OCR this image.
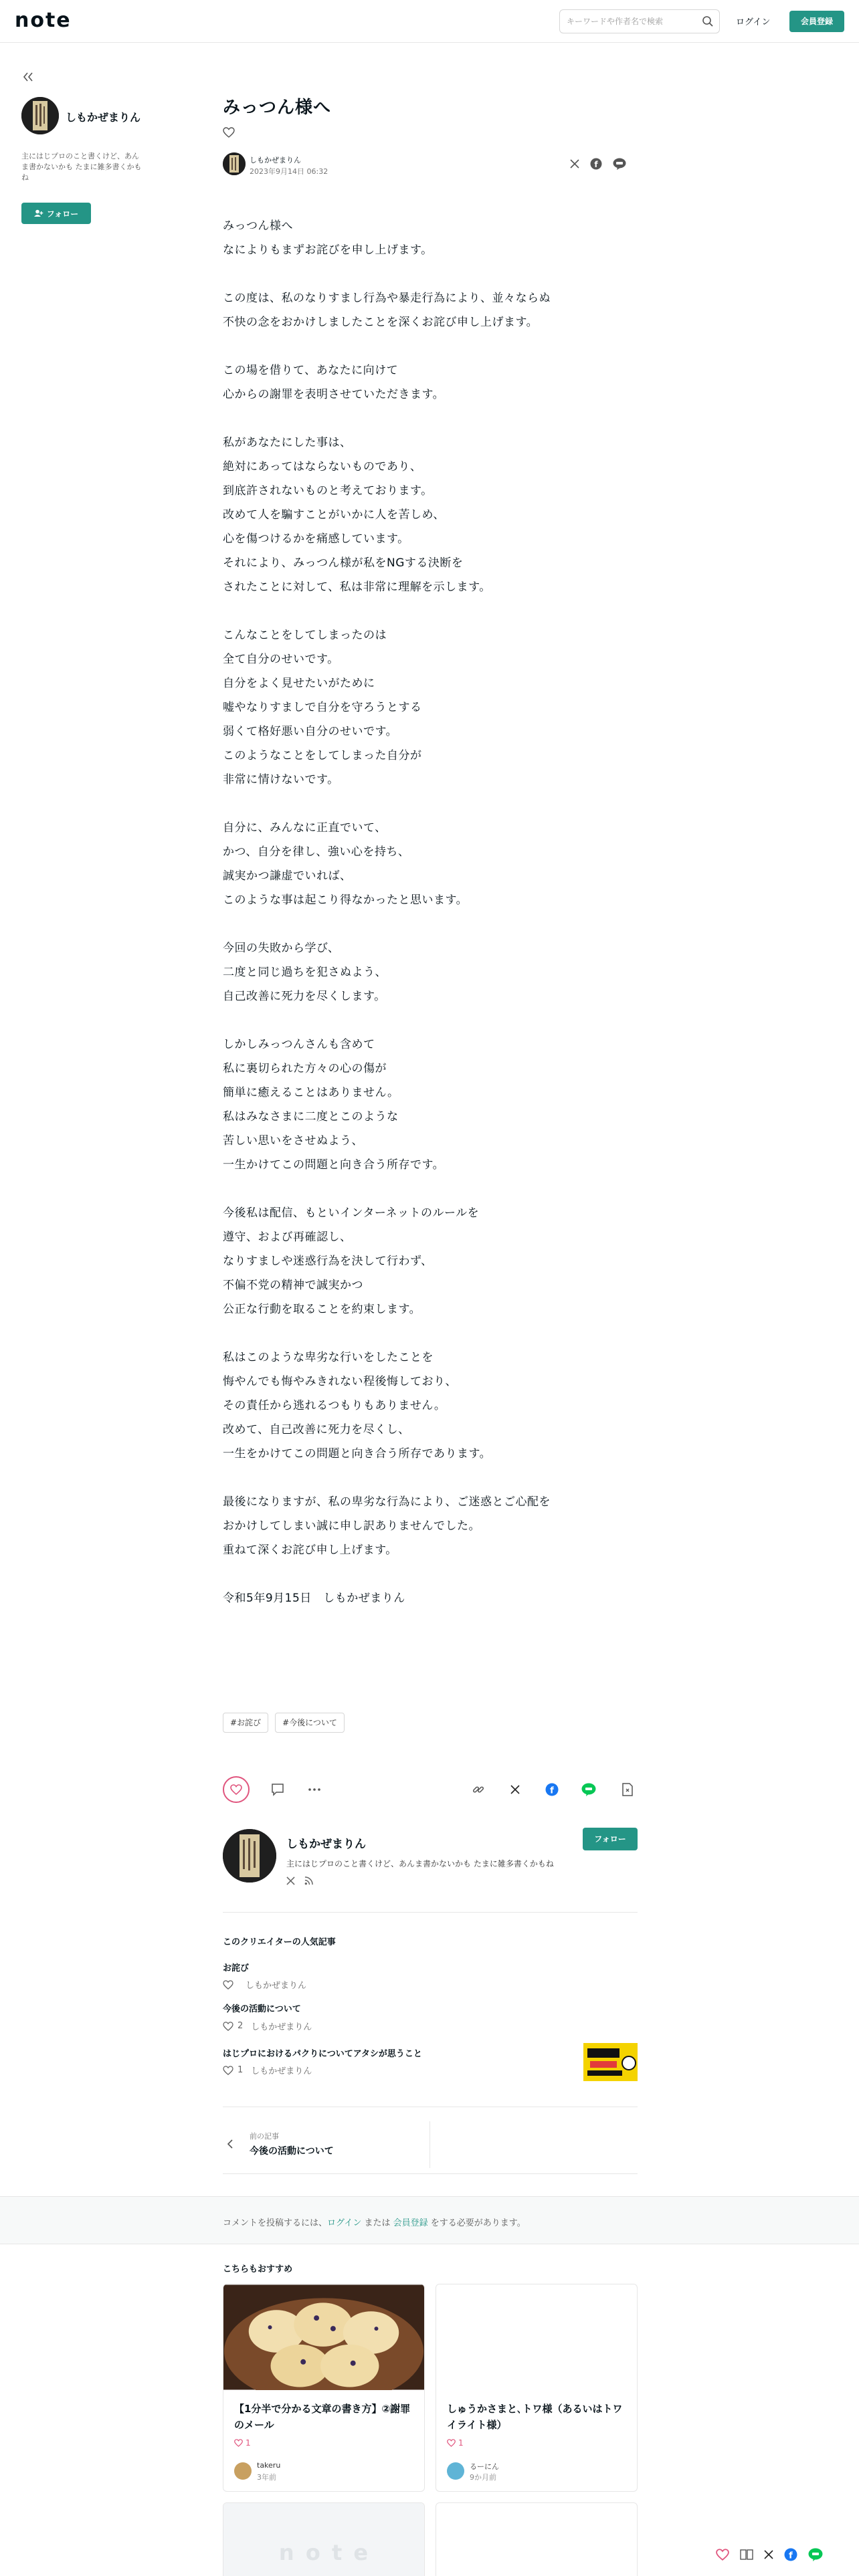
note
キーワードや作者名で検索	ログイン	会員登録
しもかぜまりん
主にはじプロのこと書くけど、あんま書かないかも たまに雑多書くかもね
フォロー
みっつん様へ
しもかぜまりん
2023年9月14日 06:32
f

みっつん様へ

なによりもまずお詫びを申し上げます。

この度は、私のなりすまし行為や暴走行為により、並々ならぬ

不快の念をおかけしましたことを深くお詫び申し上げます。

この場を借りて、あなたに向けて

心からの謝罪を表明させていただきます。

私があなたにした事は、

絶対にあってはならないものであり、

到底許されないものと考えております。

改めて人を騙すことがいかに人を苦しめ、

心を傷つけるかを痛感しています。

それにより、みっつん様が私をNGする決断を

されたことに対して、私は非常に理解を示します。

こんなことをしてしまったのは

全て自分のせいです。

自分をよく見せたいがために

嘘やなりすましで自分を守ろうとする

弱くて格好悪い自分のせいです。

このようなことをしてしまった自分が

非常に情けないです。

自分に、みんなに正直でいて、

かつ、自分を律し、強い心を持ち、

誠実かつ謙虚でいれば、

このような事は起こり得なかったと思います。

今回の失敗から学び、

二度と同じ過ちを犯さぬよう、

自己改善に死力を尽くします。

しかしみっつんさんも含めて

私に裏切られた方々の心の傷が

簡単に癒えることはありません。

私はみなさまに二度とこのような

苦しい思いをさせぬよう、

一生かけてこの問題と向き合う所存です。

今後私は配信、もといインターネットのルールを

遵守、および再確認し、

なりすましや迷惑行為を決して行わず、

不偏不党の精神で誠実かつ

公正な行動を取ることを約束します。

私はこのような卑劣な行いをしたことを

悔やんでも悔やみきれない程後悔しており、

その責任から逃れるつもりもありません。

改めて、自己改善に死力を尽くし、

一生をかけてこの問題と向き合う所存であります。

最後になりますが、私の卑劣な行為により、ご迷惑とご心配を

おかけしてしまい誠に申し訳ありませんでした。

重ねて深くお詫び申し上げます。

令和5年9月15日　しもかぜまりん

#お詫び	#今後について
f
しもかぜまりん
主にはじプロのこと書くけど、あんま書かないかも たまに雑多書くかもね
フォロー
このクリエイターの人気記事
お詫び
しもかぜまりん
今後の活動について
2 しもかぜまりん
はじプロにおけるパクりについてアタシが思うこと
1 しもかぜまりん
前の記事
今後の活動について
コメントを投稿するには、ログイン または 会員登録 をする必要があります。
こちらもおすすめ
【1分半で分かる文章の書き方】②謝罪のメール
1
takeru
3年前
しゅうかさまと､トワ様（あるいはトワイライト様）
1
るーにん
9か月前
n o t e	f
